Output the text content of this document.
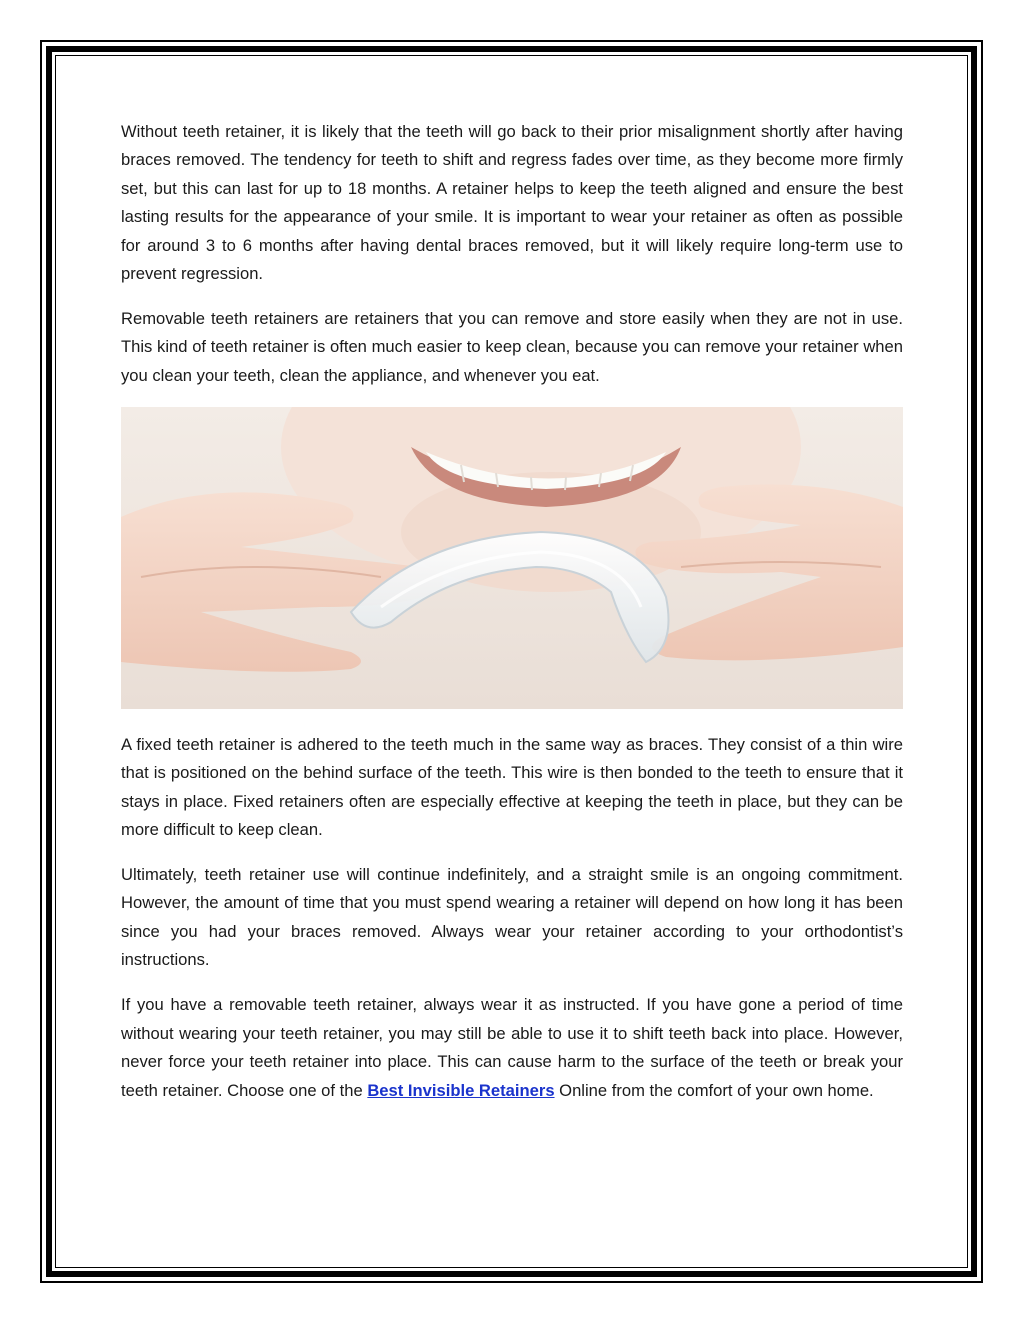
Without teeth retainer, it is likely that the teeth will go back to their prior misalignment shortly after having braces removed. The tendency for teeth to shift and regress fades over time, as they become more firmly set, but this can last for up to 18 months. A retainer helps to keep the teeth aligned and ensure the best lasting results for the appearance of your smile. It is important to wear your retainer as often as possible for around 3 to 6 months after having dental braces removed, but it will likely require long-term use to prevent regression.

Removable teeth retainers are retainers that you can remove and store easily when they are not in use. This kind of teeth retainer is often much easier to keep clean, because you can remove your retainer when you clean your teeth, clean the appliance, and whenever you eat.

A fixed teeth retainer is adhered to the teeth much in the same way as braces. They consist of a thin wire that is positioned on the behind surface of the teeth. This wire is then bonded to the teeth to ensure that it stays in place. Fixed retainers often are especially effective at keeping the teeth in place, but they can be more difficult to keep clean.

Ultimately, teeth retainer use will continue indefinitely, and a straight smile is an ongoing commitment. However, the amount of time that you must spend wearing a retainer will depend on how long it has been since you had your braces removed. Always wear your retainer according to your orthodontist’s instructions.

If you have a removable teeth retainer, always wear it as instructed. If you have gone a period of time without wearing your teeth retainer, you may still be able to use it to shift teeth back into place. However, never force your teeth retainer into place. This can cause harm to the surface of the teeth or break your teeth retainer. Choose one of the Best Invisible Retainers Online from the comfort of your own home.
